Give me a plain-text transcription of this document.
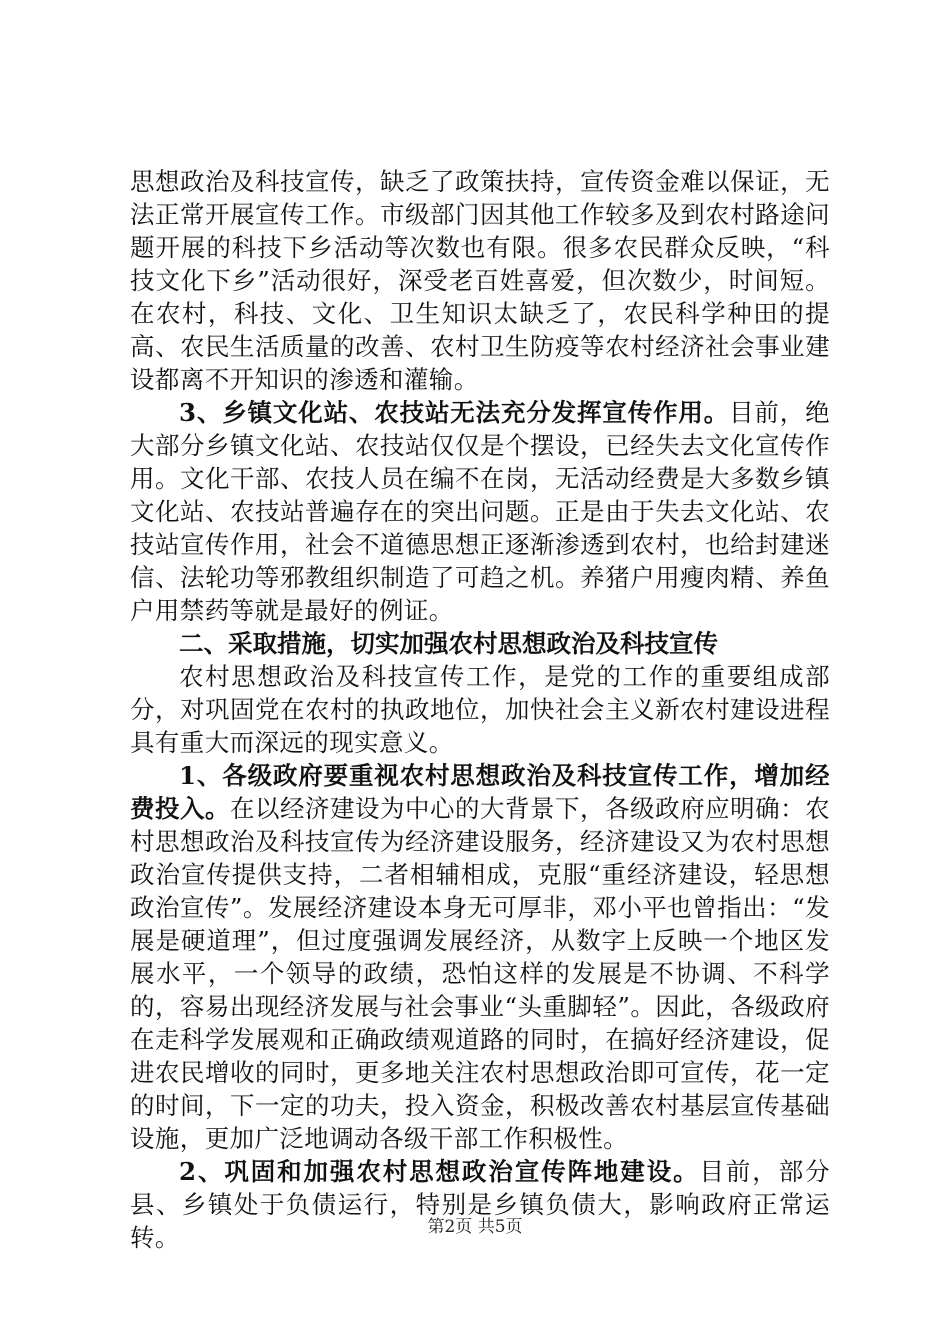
思想政治及科技宣传，缺乏了政策扶持，宣传资金难以保证，无法正常开展宣传工作。市级部门因其他工作较多及到农村路途问题开展的科技下乡活动等次数也有限。很多农民群众反映，“科技文化下乡”活动很好，深受老百姓喜爱，但次数少，时间短。在农村，科技、文化、卫生知识太缺乏了，农民科学种田的提高、农民生活质量的改善、农村卫生防疫等农村经济社会事业建设都离不开知识的渗透和灌输。

3、乡镇文化站、农技站无法充分发挥宣传作用。目前，绝大部分乡镇文化站、农技站仅仅是个摆设，已经失去文化宣传作用。文化干部、农技人员在编不在岗，无活动经费是大多数乡镇文化站、农技站普遍存在的突出问题。正是由于失去文化站、农技站宣传作用，社会不道德思想正逐渐渗透到农村，也给封建迷信、法轮功等邪教组织制造了可趋之机。养猪户用瘦肉精、养鱼户用禁药等就是最好的例证。

二、采取措施，切实加强农村思想政治及科技宣传

农村思想政治及科技宣传工作，是党的工作的重要组成部分，对巩固党在农村的执政地位，加快社会主义新农村建设进程具有重大而深远的现实意义。

1、各级政府要重视农村思想政治及科技宣传工作，增加经费投入。在以经济建设为中心的大背景下，各级政府应明确：农村思想政治及科技宣传为经济建设服务，经济建设又为农村思想政治宣传提供支持，二者相辅相成，克服“重经济建设，轻思想政治宣传”。发展经济建设本身无可厚非，邓小平也曾指出：“发展是硬道理”，但过度强调发展经济，从数字上反映一个地区发展水平，一个领导的政绩，恐怕这样的发展是不协调、不科学的，容易出现经济发展与社会事业“头重脚轻”。因此，各级政府在走科学发展观和正确政绩观道路的同时，在搞好经济建设，促进农民增收的同时，更多地关注农村思想政治即可宣传，花一定的时间，下一定的功夫，投入资金，积极改善农村基层宣传基础设施，更加广泛地调动各级干部工作积极性。

2、巩固和加强农村思想政治宣传阵地建设。目前，部分县、乡镇处于负债运行，特别是乡镇负债大，影响政府正常运转。	第2页 共5页
